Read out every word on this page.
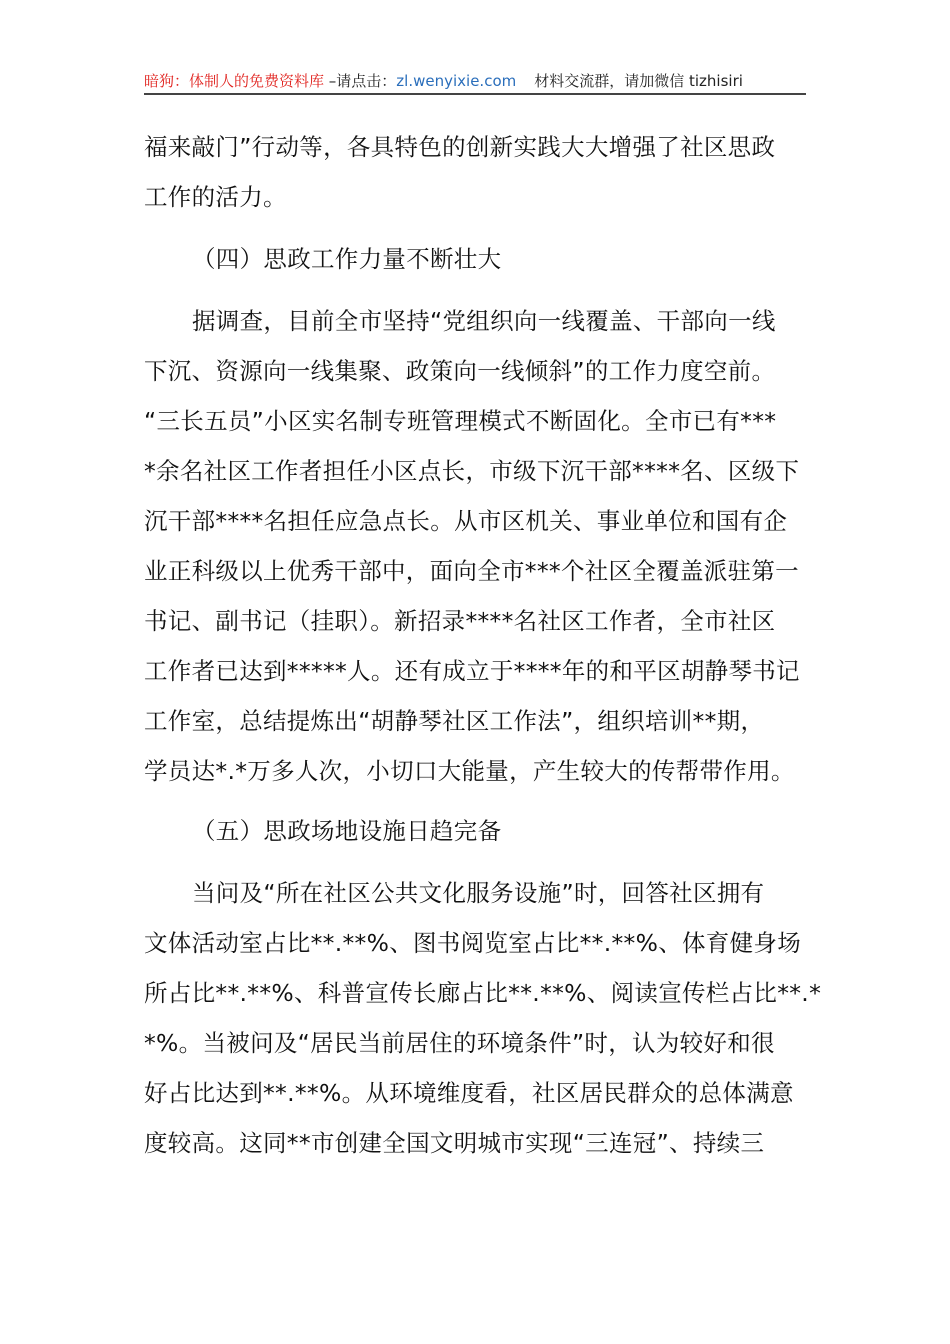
暗狗：体制人的免费资料库 –请点击：zl.wenyixie.com 材料交流群，请加微信 tizhisiri
福来敲门”行动等，各具特色的创新实践大大增强了社区思政
工作的活力。
（四）思政工作力量不断壮大
据调查，目前全市坚持“党组织向一线覆盖、干部向一线
下沉、资源向一线集聚、政策向一线倾斜”的工作力度空前。
“三长五员”小区实名制专班管理模式不断固化。全市已有***
*余名社区工作者担任小区点长，市级下沉干部****名、区级下
沉干部****名担任应急点长。从市区机关、事业单位和国有企
业正科级以上优秀干部中，面向全市***个社区全覆盖派驻第一
书记、副书记（挂职）。新招录****名社区工作者，全市社区
工作者已达到*****人。还有成立于****年的和平区胡静琴书记
工作室，总结提炼出“胡静琴社区工作法”，组织培训**期，
学员达*.*万多人次，小切口大能量，产生较大的传帮带作用。
（五）思政场地设施日趋完备
当问及“所在社区公共文化服务设施”时，回答社区拥有
文体活动室占比**.**%、图书阅览室占比**.**%、体育健身场
所占比**.**%、科普宣传长廊占比**.**%、阅读宣传栏占比**.*
*%。当被问及“居民当前居住的环境条件”时，认为较好和很
好占比达到**.**%。从环境维度看，社区居民群众的总体满意
度较高。这同**市创建全国文明城市实现“三连冠”、持续三
